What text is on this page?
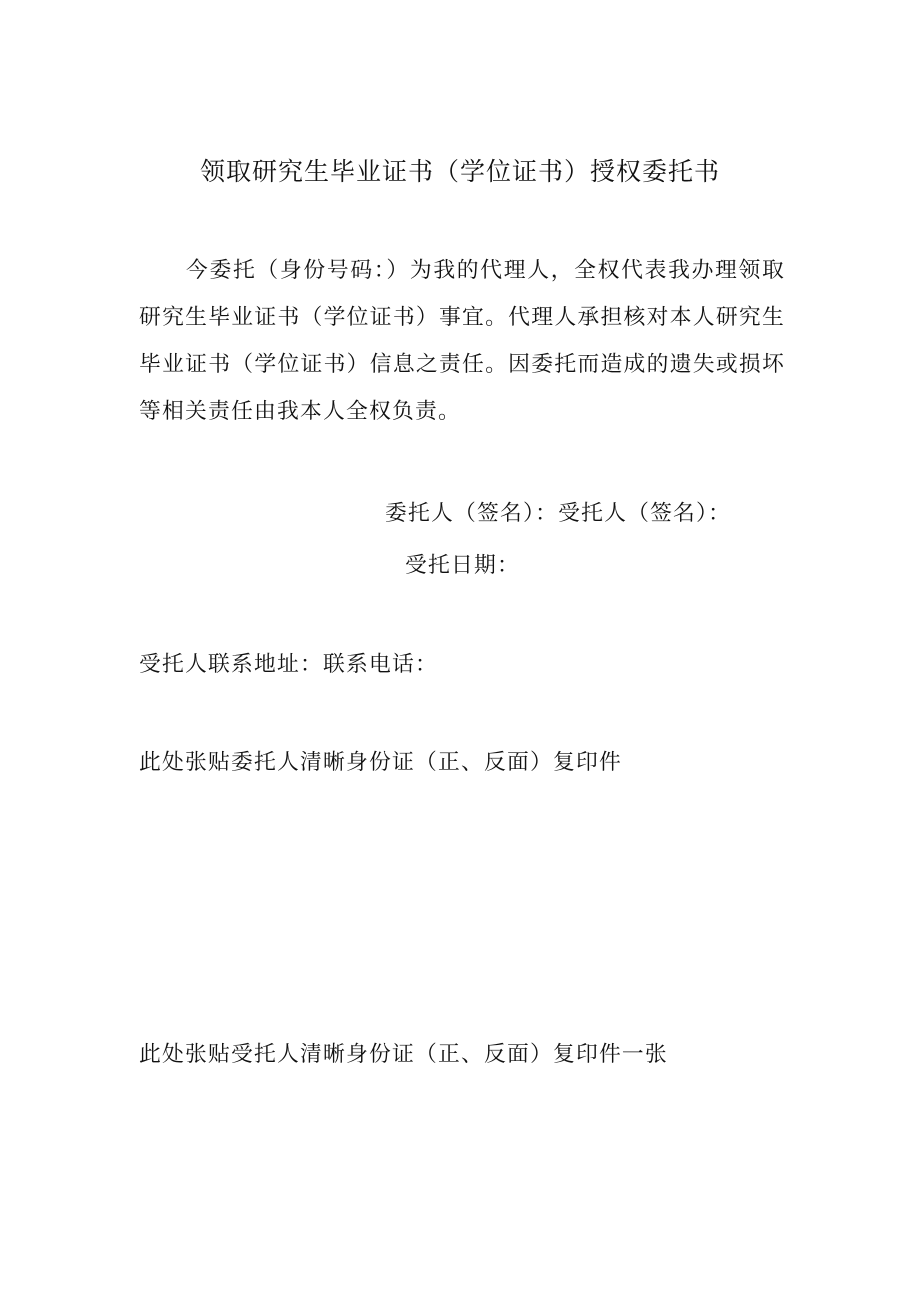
领取研究生毕业证书（学位证书）授权委托书

今委托（身份号码：）为我的代理人，全权代表我办理领取研究生毕业证书（学位证书）事宜。代理人承担核对本人研究生毕业证书（学位证书）信息之责任。因委托而造成的遗失或损坏等相关责任由我本人全权负责。

委托人（签名）：受托人（签名）：
受托日期：
受托人联系地址：联系电话：
此处张贴委托人清晰身份证（正、反面）复印件
此处张贴受托人清晰身份证（正、反面）复印件一张
